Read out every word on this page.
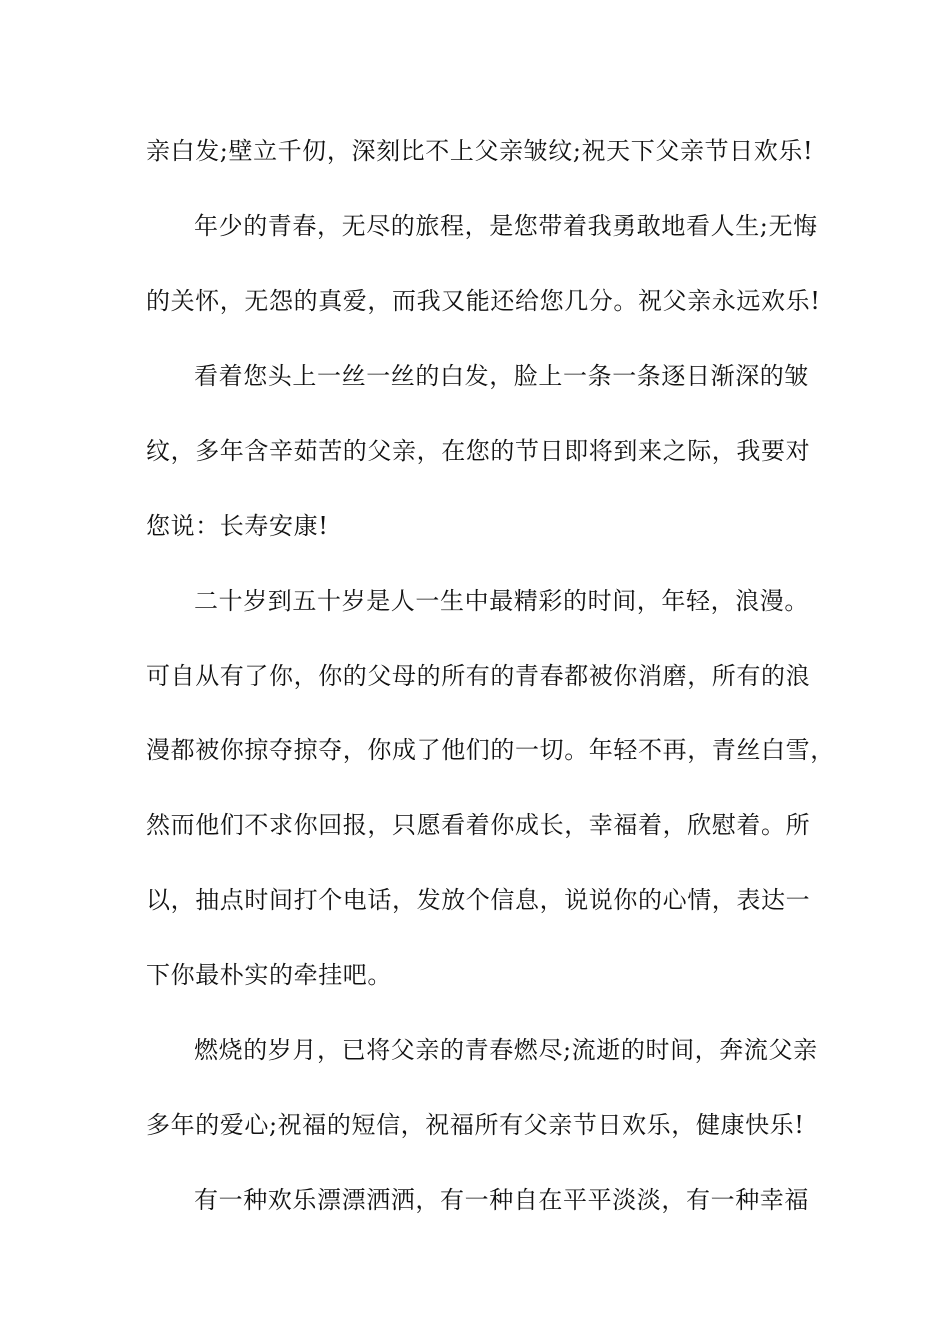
亲白发;壁立千仞，深刻比不上父亲皱纹;祝天下父亲节日欢乐!
年少的青春，无尽的旅程，是您带着我勇敢地看人生;无悔
的关怀，无怨的真爱，而我又能还给您几分。祝父亲永远欢乐!
看着您头上一丝一丝的白发，脸上一条一条逐日渐深的皱
纹，多年含辛茹苦的父亲，在您的节日即将到来之际，我要对
您说：长寿安康!
二十岁到五十岁是人一生中最精彩的时间，年轻，浪漫。
可自从有了你，你的父母的所有的青春都被你消磨，所有的浪
漫都被你掠夺掠夺，你成了他们的一切。年轻不再，青丝白雪，
然而他们不求你回报，只愿看着你成长，幸福着，欣慰着。所
以，抽点时间打个电话，发放个信息，说说你的心情，表达一
下你最朴实的牵挂吧。
燃烧的岁月，已将父亲的青春燃尽;流逝的时间，奔流父亲
多年的爱心;祝福的短信，祝福所有父亲节日欢乐，健康快乐!
有一种欢乐漂漂洒洒，有一种自在平平淡淡，有一种幸福
